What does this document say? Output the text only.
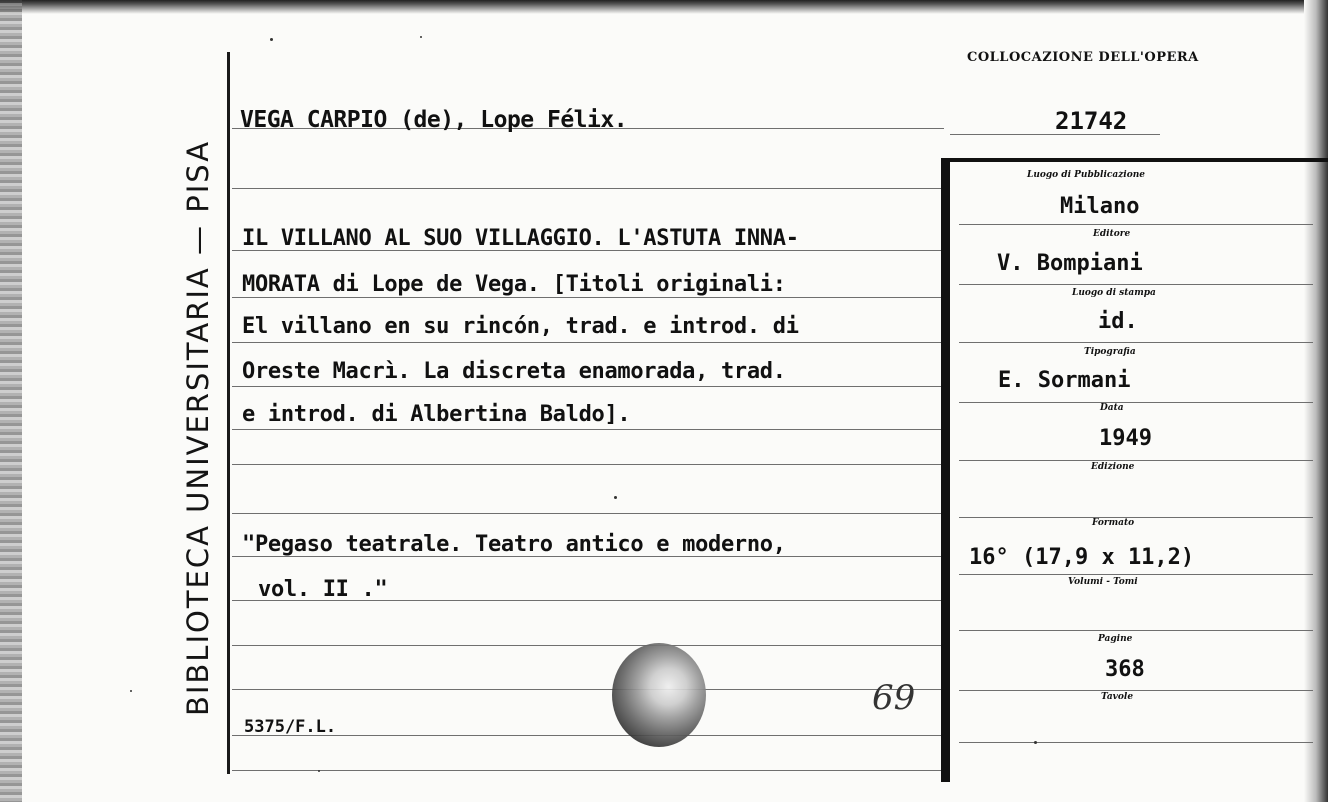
BIBLIOTECA UNIVERSITARIA — PISA
COLLOCAZIONE DELL'OPERA
VEGA CARPIO (de), Lope Félix.	21742
IL VILLANO AL SUO VILLAGGIO. L'ASTUTA INNA-
MORATA di Lope de Vega. [Titoli originali:
El villano en su rincón, trad. e introd. di
Oreste Macrì. La discreta enamorada, trad.
e introd. di Albertina Baldo].
"Pegaso teatrale. Teatro antico e moderno,
vol. II ."
Luogo di Pubblicazione
Milano
Editore
V. Bompiani
Luogo di stampa
id.
Tipografia
E. Sormani
Data
1949
Edizione
Formato
16° (17,9 x 11,2)
Volumi - Tomi
Pagine
368
Tavole
69
5375/F.L.
